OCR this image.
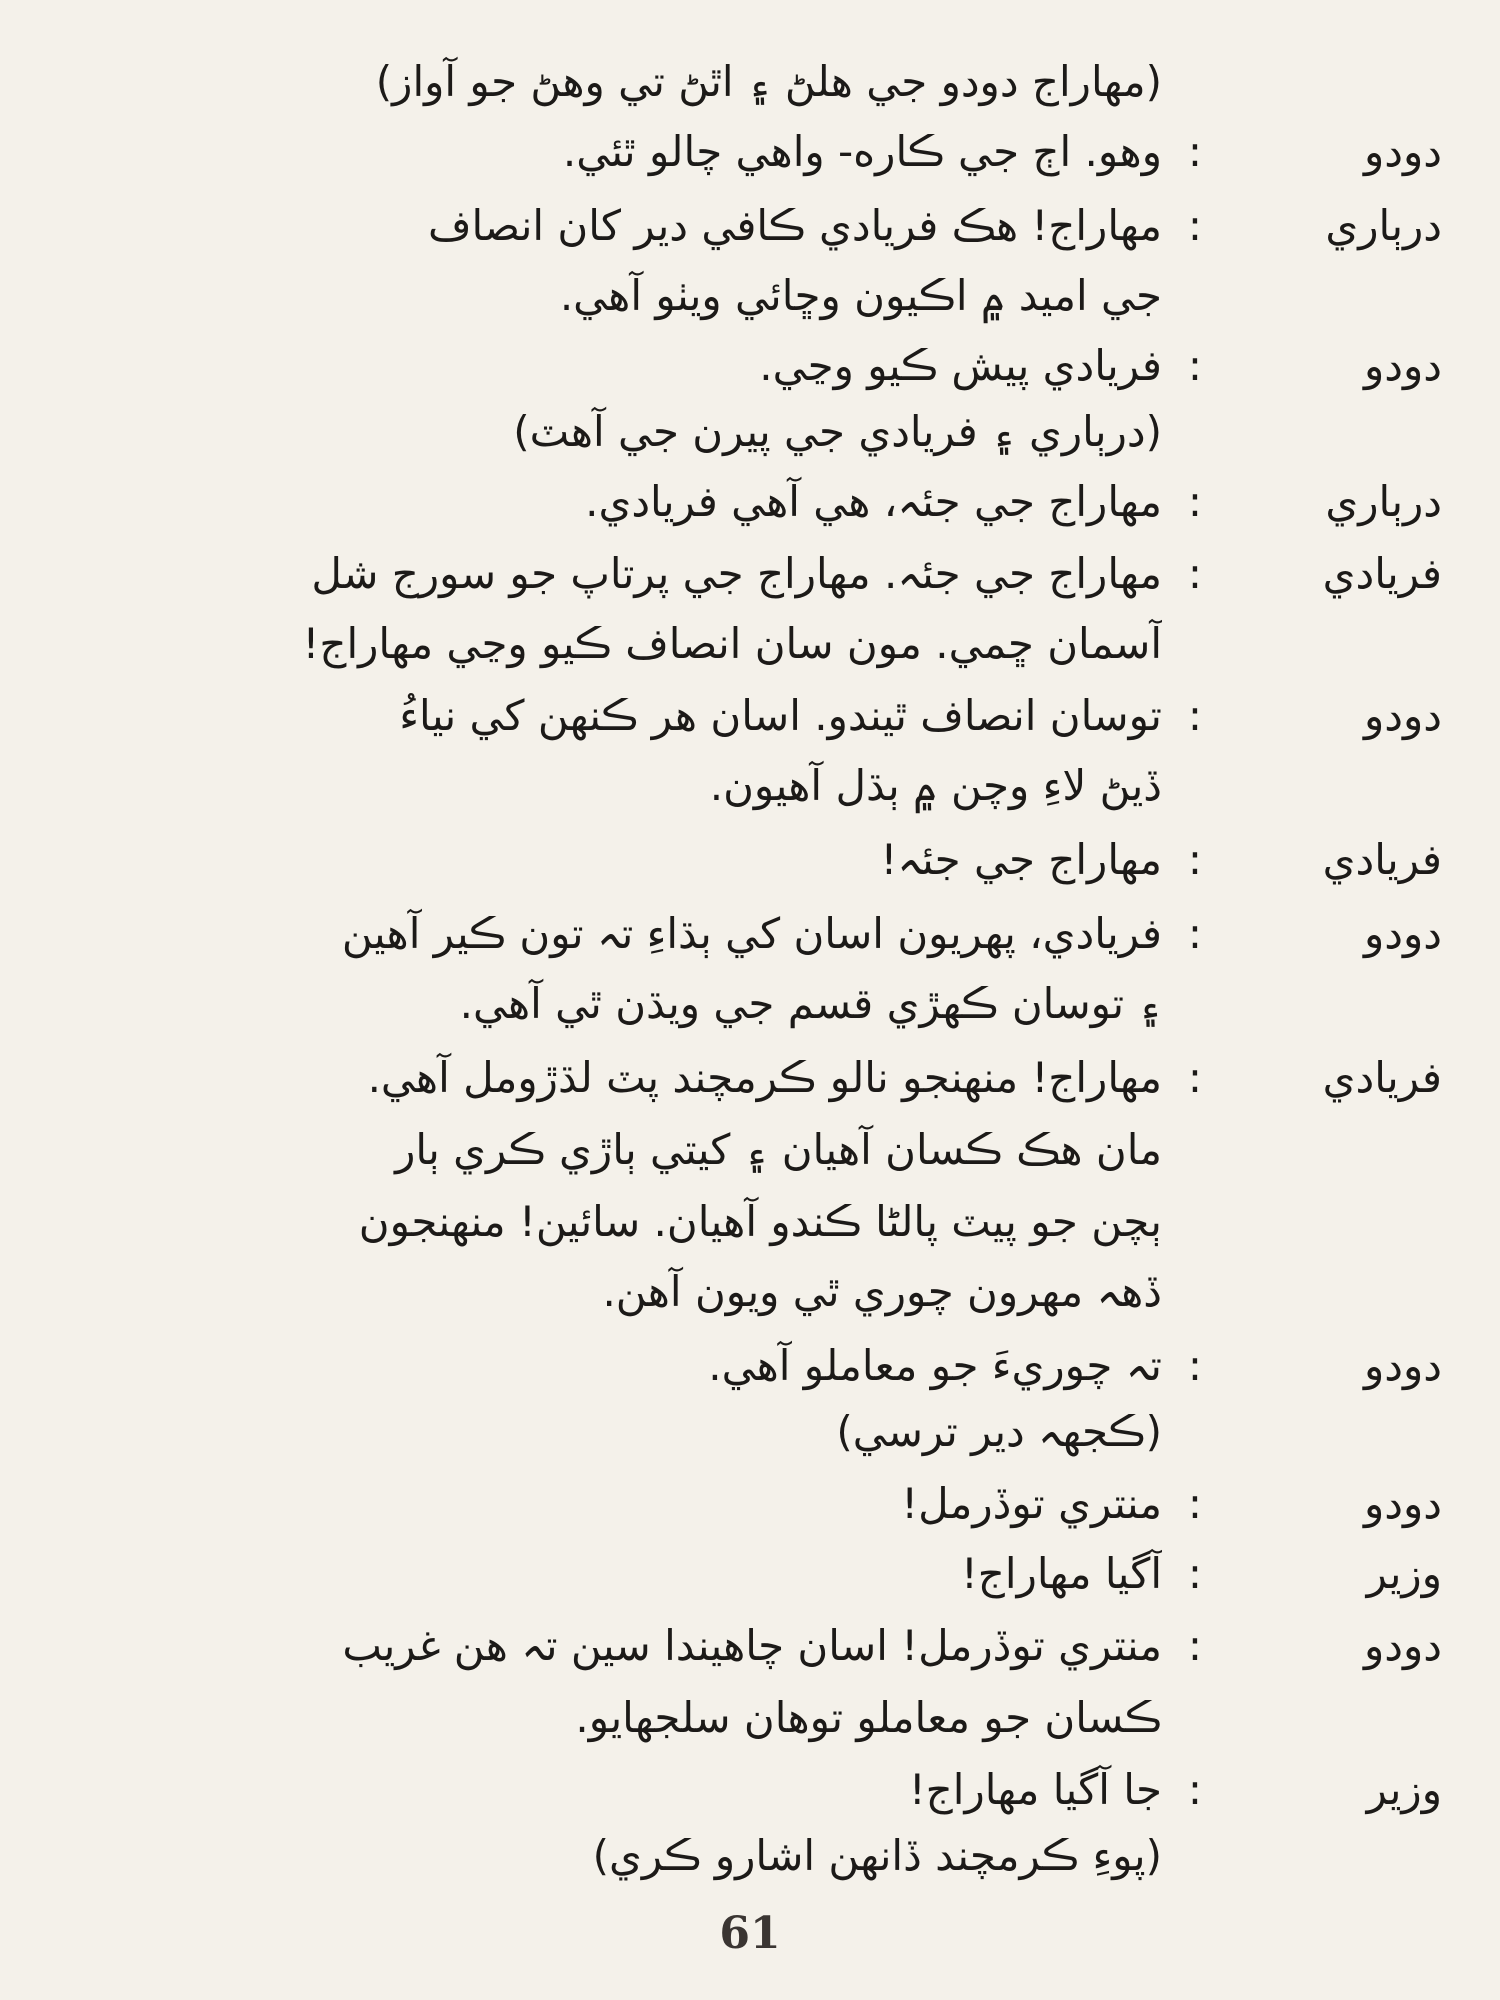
(مھاراج دودو جي ھلڻ ۽ اٿڻ تي وھڻ جو آواز)
دودو
:
وھو. اڄ جي ڪاره- واھي چالو ٿئي.
درٻاري
:
مھاراج! ھڪ فريادي ڪافي دير کان انصاف
جي اميد ۾ اڪيون وڇائي ويٺو آھي.
دودو
:
فريادي پيش ڪيو وڃي.
(درٻاري ۽ فريادي جي پيرن جي آھٽ)
درٻاري
:
مھاراج جي جئہ، ھي آھي فريادي.
فريادي
:
مھاراج جي جئہ. مھاراج جي پرتاپ جو سورج شل
آسمان ڇمي. مون سان انصاف ڪيو وڃي مھاراج!
دودو
:
توسان انصاف ٿيندو. اسان ھر ڪنھن کي نياءُ
ڏيڻ لاءِ وچن ۾ ٻڌل آھيون.
فريادي
:
مھاراج جي جئہ!
دودو
:
فريادي، پھريون اسان کي ٻڌاءِ تہ تون ڪير آھين
۽ توسان ڪھڙي قسم جي ويڌن ٿي آھي.
فريادي
:
مھاراج! منھنجو نالو ڪرمچند پٽ لڌڙومل آھي.
مان ھڪ ڪسان آھيان ۽ کيتي ٻاڙي ڪري ٻار
ٻچن جو پيٽ پالڻا ڪندو آھيان. سائين! منھنجون
ڏھہ مھرون چوري ٿي ويون آھن.
دودو
:
تہ چوريءَ جو معاملو آھي.
(ڪجھہ دير ترسي)
دودو
:
منتري توڏرمل!
وزير
:
آگيا مھاراج!
دودو
:
منتري توڏرمل! اسان چاھيندا سين تہ ھن غريب
ڪسان جو معاملو توھان سلجھايو.
وزير
:
جا آگيا مھاراج!
(پوءِ ڪرمچند ڏانھن اشارو ڪري)
61
